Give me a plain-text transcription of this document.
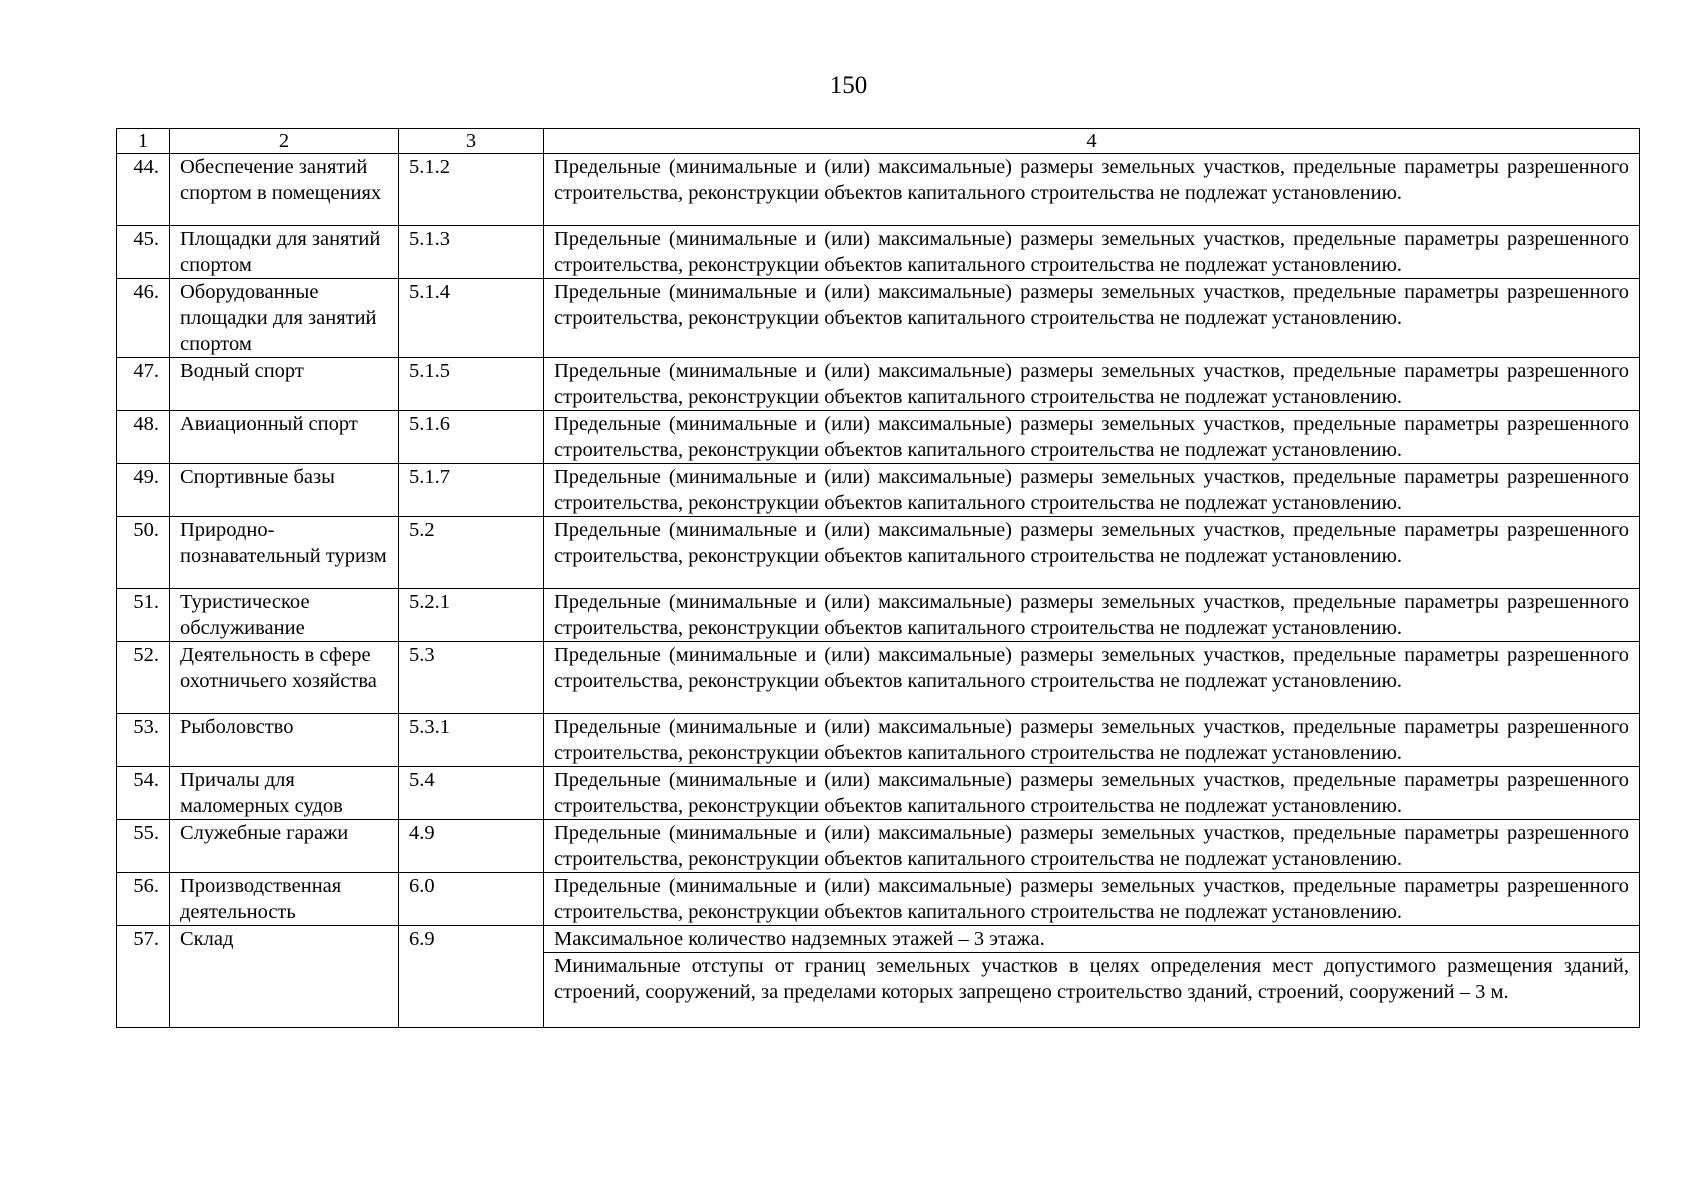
150
1	2	3	4
44.	Обеспечение занятий спортом в помещениях	5.1.2	Предельные (минимальные и (или) максимальные) размеры земельных участков, предельные параметры разрешенного строительства, реконструкции объектов капитального строительства не подлежат установлению.
45.	Площадки для занятий спортом	5.1.3	Предельные (минимальные и (или) максимальные) размеры земельных участков, предельные параметры разрешенного строительства, реконструкции объектов капитального строительства не подлежат установлению.
46.	Оборудованные площадки для занятий спортом	5.1.4	Предельные (минимальные и (или) максимальные) размеры земельных участков, предельные параметры разрешенного строительства, реконструкции объектов капитального строительства не подлежат установлению.
47.	Водный спорт	5.1.5	Предельные (минимальные и (или) максимальные) размеры земельных участков, предельные параметры разрешенного строительства, реконструкции объектов капитального строительства не подлежат установлению.
48.	Авиационный спорт	5.1.6	Предельные (минимальные и (или) максимальные) размеры земельных участков, предельные параметры разрешенного строительства, реконструкции объектов капитального строительства не подлежат установлению.
49.	Спортивные базы	5.1.7	Предельные (минимальные и (или) максимальные) размеры земельных участков, предельные параметры разрешенного строительства, реконструкции объектов капитального строительства не подлежат установлению.
50.	Природно-познавательный туризм	5.2	Предельные (минимальные и (или) максимальные) размеры земельных участков, предельные параметры разрешенного строительства, реконструкции объектов капитального строительства не подлежат установлению.
51.	Туристическое обслуживание	5.2.1	Предельные (минимальные и (или) максимальные) размеры земельных участков, предельные параметры разрешенного строительства, реконструкции объектов капитального строительства не подлежат установлению.
52.	Деятельность в сфере охотничьего хозяйства	5.3	Предельные (минимальные и (или) максимальные) размеры земельных участков, предельные параметры разрешенного строительства, реконструкции объектов капитального строительства не подлежат установлению.
53.	Рыболовство	5.3.1	Предельные (минимальные и (или) максимальные) размеры земельных участков, предельные параметры разрешенного строительства, реконструкции объектов капитального строительства не подлежат установлению.
54.	Причалы для маломерных судов	5.4	Предельные (минимальные и (или) максимальные) размеры земельных участков, предельные параметры разрешенного строительства, реконструкции объектов капитального строительства не подлежат установлению.
55.	Служебные гаражи	4.9	Предельные (минимальные и (или) максимальные) размеры земельных участков, предельные параметры разрешенного строительства, реконструкции объектов капитального строительства не подлежат установлению.
56.	Производственная деятельность	6.0	Предельные (минимальные и (или) максимальные) размеры земельных участков, предельные параметры разрешенного строительства, реконструкции объектов капитального строительства не подлежат установлению.
57.	Склад	6.9	Максимальное количество надземных этажей – 3 этажа.
			Минимальные отступы от границ земельных участков в целях определения мест допустимого размещения зданий, строений, сооружений, за пределами которых запрещено строительство зданий, строений, сооружений – 3 м.
